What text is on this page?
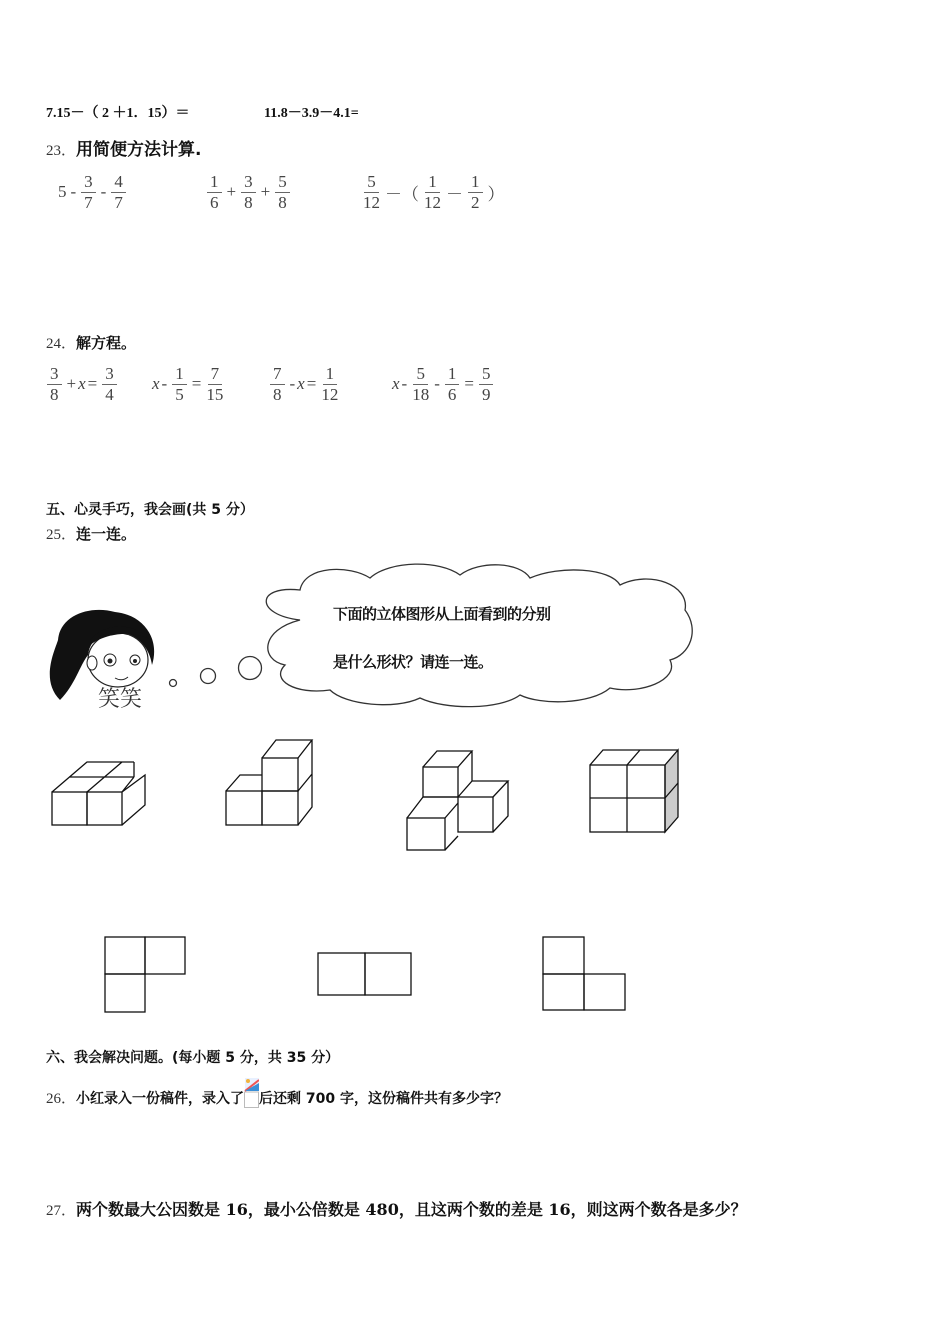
7.15－（ 2 ＋1．15）＝	11.8－3.9－4.1=
23．用简便方法计算.
$5 - \frac{3}{7} - \frac{4}{7}$	$\frac{1}{6} + \frac{3}{8} + \frac{5}{8}$	$\frac{5}{12}$ －（ $\frac{1}{12} - \frac{1}{2}$ ）
24．解方程。
$\frac{3}{8} + x = \frac{3}{4}$ $x - \frac{1}{5} = \frac{7}{15}$	$\frac{7}{8} - x = \frac{1}{12}$	$x - \frac{5}{18} - \frac{1}{6} = \frac{5}{9}$
五、心灵手巧，我会画(共 5 分）
25．连一连。
笑笑
下面的立体图形从上面看到的分别
是什么形状？请连一连。
六、我会解决问题。(每小题 5 分，共 35 分）
26．小红录入一份稿件，录入了 后还剩 700 字，这份稿件共有多少字？
27．两个数最大公因数是 16，最小公倍数是 480，且这两个数的差是 16，则这两个数各是多少？
